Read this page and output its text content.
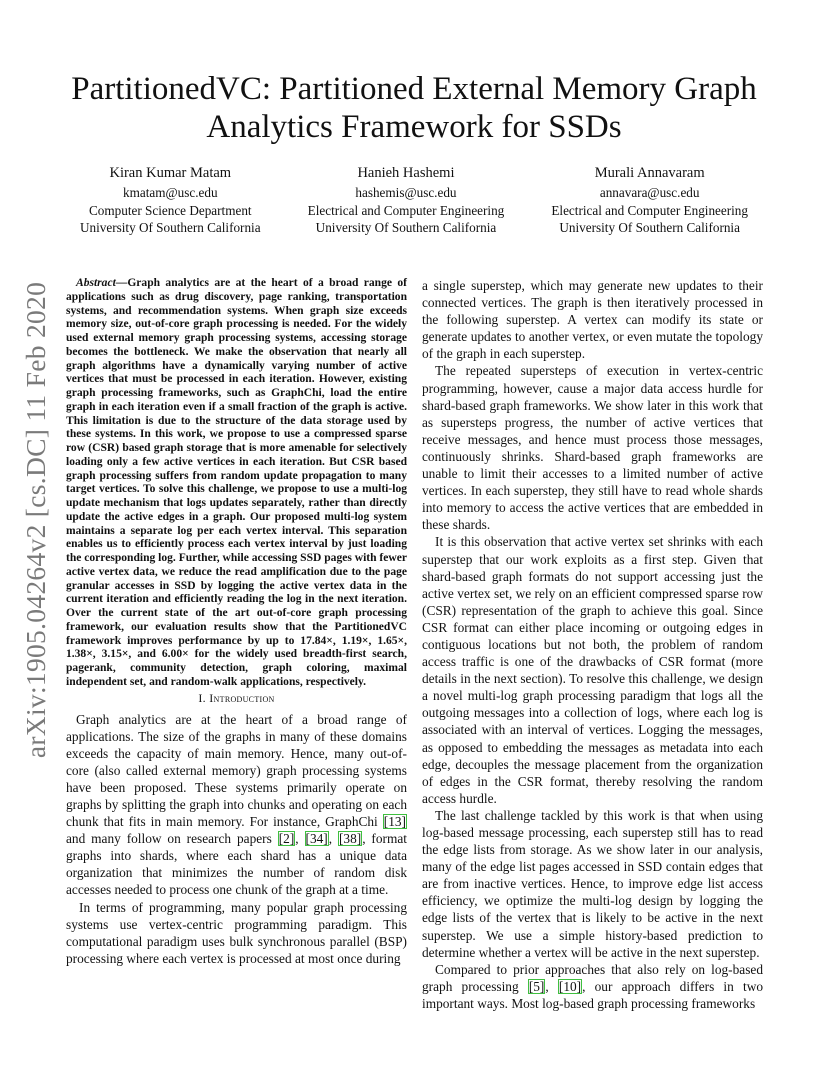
arXiv:1905.04264v2 [cs.DC] 11 Feb 2020
PartitionedVC: Partitioned External Memory Graph
Analytics Framework for SSDs
Kiran Kumar Matam
kmatam@usc.edu
Computer Science Department
University Of Southern California
Hanieh Hashemi
hashemis@usc.edu
Electrical and Computer Engineering
University Of Southern California
Murali Annavaram
annavara@usc.edu
Electrical and Computer Engineering
University Of Southern California

Abstract—Graph analytics are at the heart of a broad range of applications such as drug discovery, page ranking, transportation systems, and recommendation systems. When graph size exceeds memory size, out-of-core graph processing is needed. For the widely used external memory graph processing systems, accessing storage becomes the bottleneck. We make the observation that nearly all graph algorithms have a dynamically varying number of active vertices that must be processed in each iteration. However, existing graph processing frameworks, such as GraphChi, load the entire graph in each iteration even if a small fraction of the graph is active. This limitation is due to the structure of the data storage used by these systems. In this work, we propose to use a compressed sparse row (CSR) based graph storage that is more amenable for selectively loading only a few active vertices in each iteration. But CSR based graph processing suffers from random update propagation to many target vertices. To solve this challenge, we propose to use a multi-log update mechanism that logs updates separately, rather than directly update the active edges in a graph. Our proposed multi-log system maintains a separate log per each vertex interval. This separation enables us to efficiently process each vertex interval by just loading the corresponding log. Further, while accessing SSD pages with fewer active vertex data, we reduce the read amplification due to the page granular accesses in SSD by logging the active vertex data in the current iteration and efficiently reading the log in the next iteration. Over the current state of the art out-of-core graph processing framework, our evaluation results show that the PartitionedVC framework improves performance by up to 17.84×, 1.19×, 1.65×, 1.38×, 3.15×, and 6.00× for the widely used breadth-first search, pagerank, community detection, graph coloring, maximal independent set, and random-walk applications, respectively.

I. Introduction

Graph analytics are at the heart of a broad range of applications. The size of the graphs in many of these domains exceeds the capacity of main memory. Hence, many out-of-core (also called external memory) graph processing systems have been proposed. These systems primarily operate on graphs by splitting the graph into chunks and operating on each chunk that fits in main memory. For instance, GraphChi [13] and many follow on research papers [2], [34], [38], format graphs into shards, where each shard has a unique data organization that minimizes the number of random disk accesses needed to process one chunk of the graph at a time.

In terms of programming, many popular graph processing systems use vertex-centric programming paradigm. This computational paradigm uses bulk synchronous parallel (BSP) processing where each vertex is processed at most once during

a single superstep, which may generate new updates to their connected vertices. The graph is then iteratively processed in the following superstep. A vertex can modify its state or generate updates to another vertex, or even mutate the topology of the graph in each superstep.

The repeated supersteps of execution in vertex-centric programming, however, cause a major data access hurdle for shard-based graph frameworks. We show later in this work that as supersteps progress, the number of active vertices that receive messages, and hence must process those messages, continuously shrinks. Shard-based graph frameworks are unable to limit their accesses to a limited number of active vertices. In each superstep, they still have to read whole shards into memory to access the active vertices that are embedded in these shards.

It is this observation that active vertex set shrinks with each superstep that our work exploits as a first step. Given that shard-based graph formats do not support accessing just the active vertex set, we rely on an efficient compressed sparse row (CSR) representation of the graph to achieve this goal. Since CSR format can either place incoming or outgoing edges in contiguous locations but not both, the problem of random access traffic is one of the drawbacks of CSR format (more details in the next section). To resolve this challenge, we design a novel multi-log graph processing paradigm that logs all the outgoing messages into a collection of logs, where each log is associated with an interval of vertices. Logging the messages, as opposed to embedding the messages as metadata into each edge, decouples the message placement from the organization of edges in the CSR format, thereby resolving the random access hurdle.

The last challenge tackled by this work is that when using log-based message processing, each superstep still has to read the edge lists from storage. As we show later in our analysis, many of the edge list pages accessed in SSD contain edges that are from inactive vertices. Hence, to improve edge list access efficiency, we optimize the multi-log design by logging the edge lists of the vertex that is likely to be active in the next superstep. We use a simple history-based prediction to determine whether a vertex will be active in the next superstep.

Compared to prior approaches that also rely on log-based graph processing [5], [10], our approach differs in two important ways. Most log-based graph processing frameworks
